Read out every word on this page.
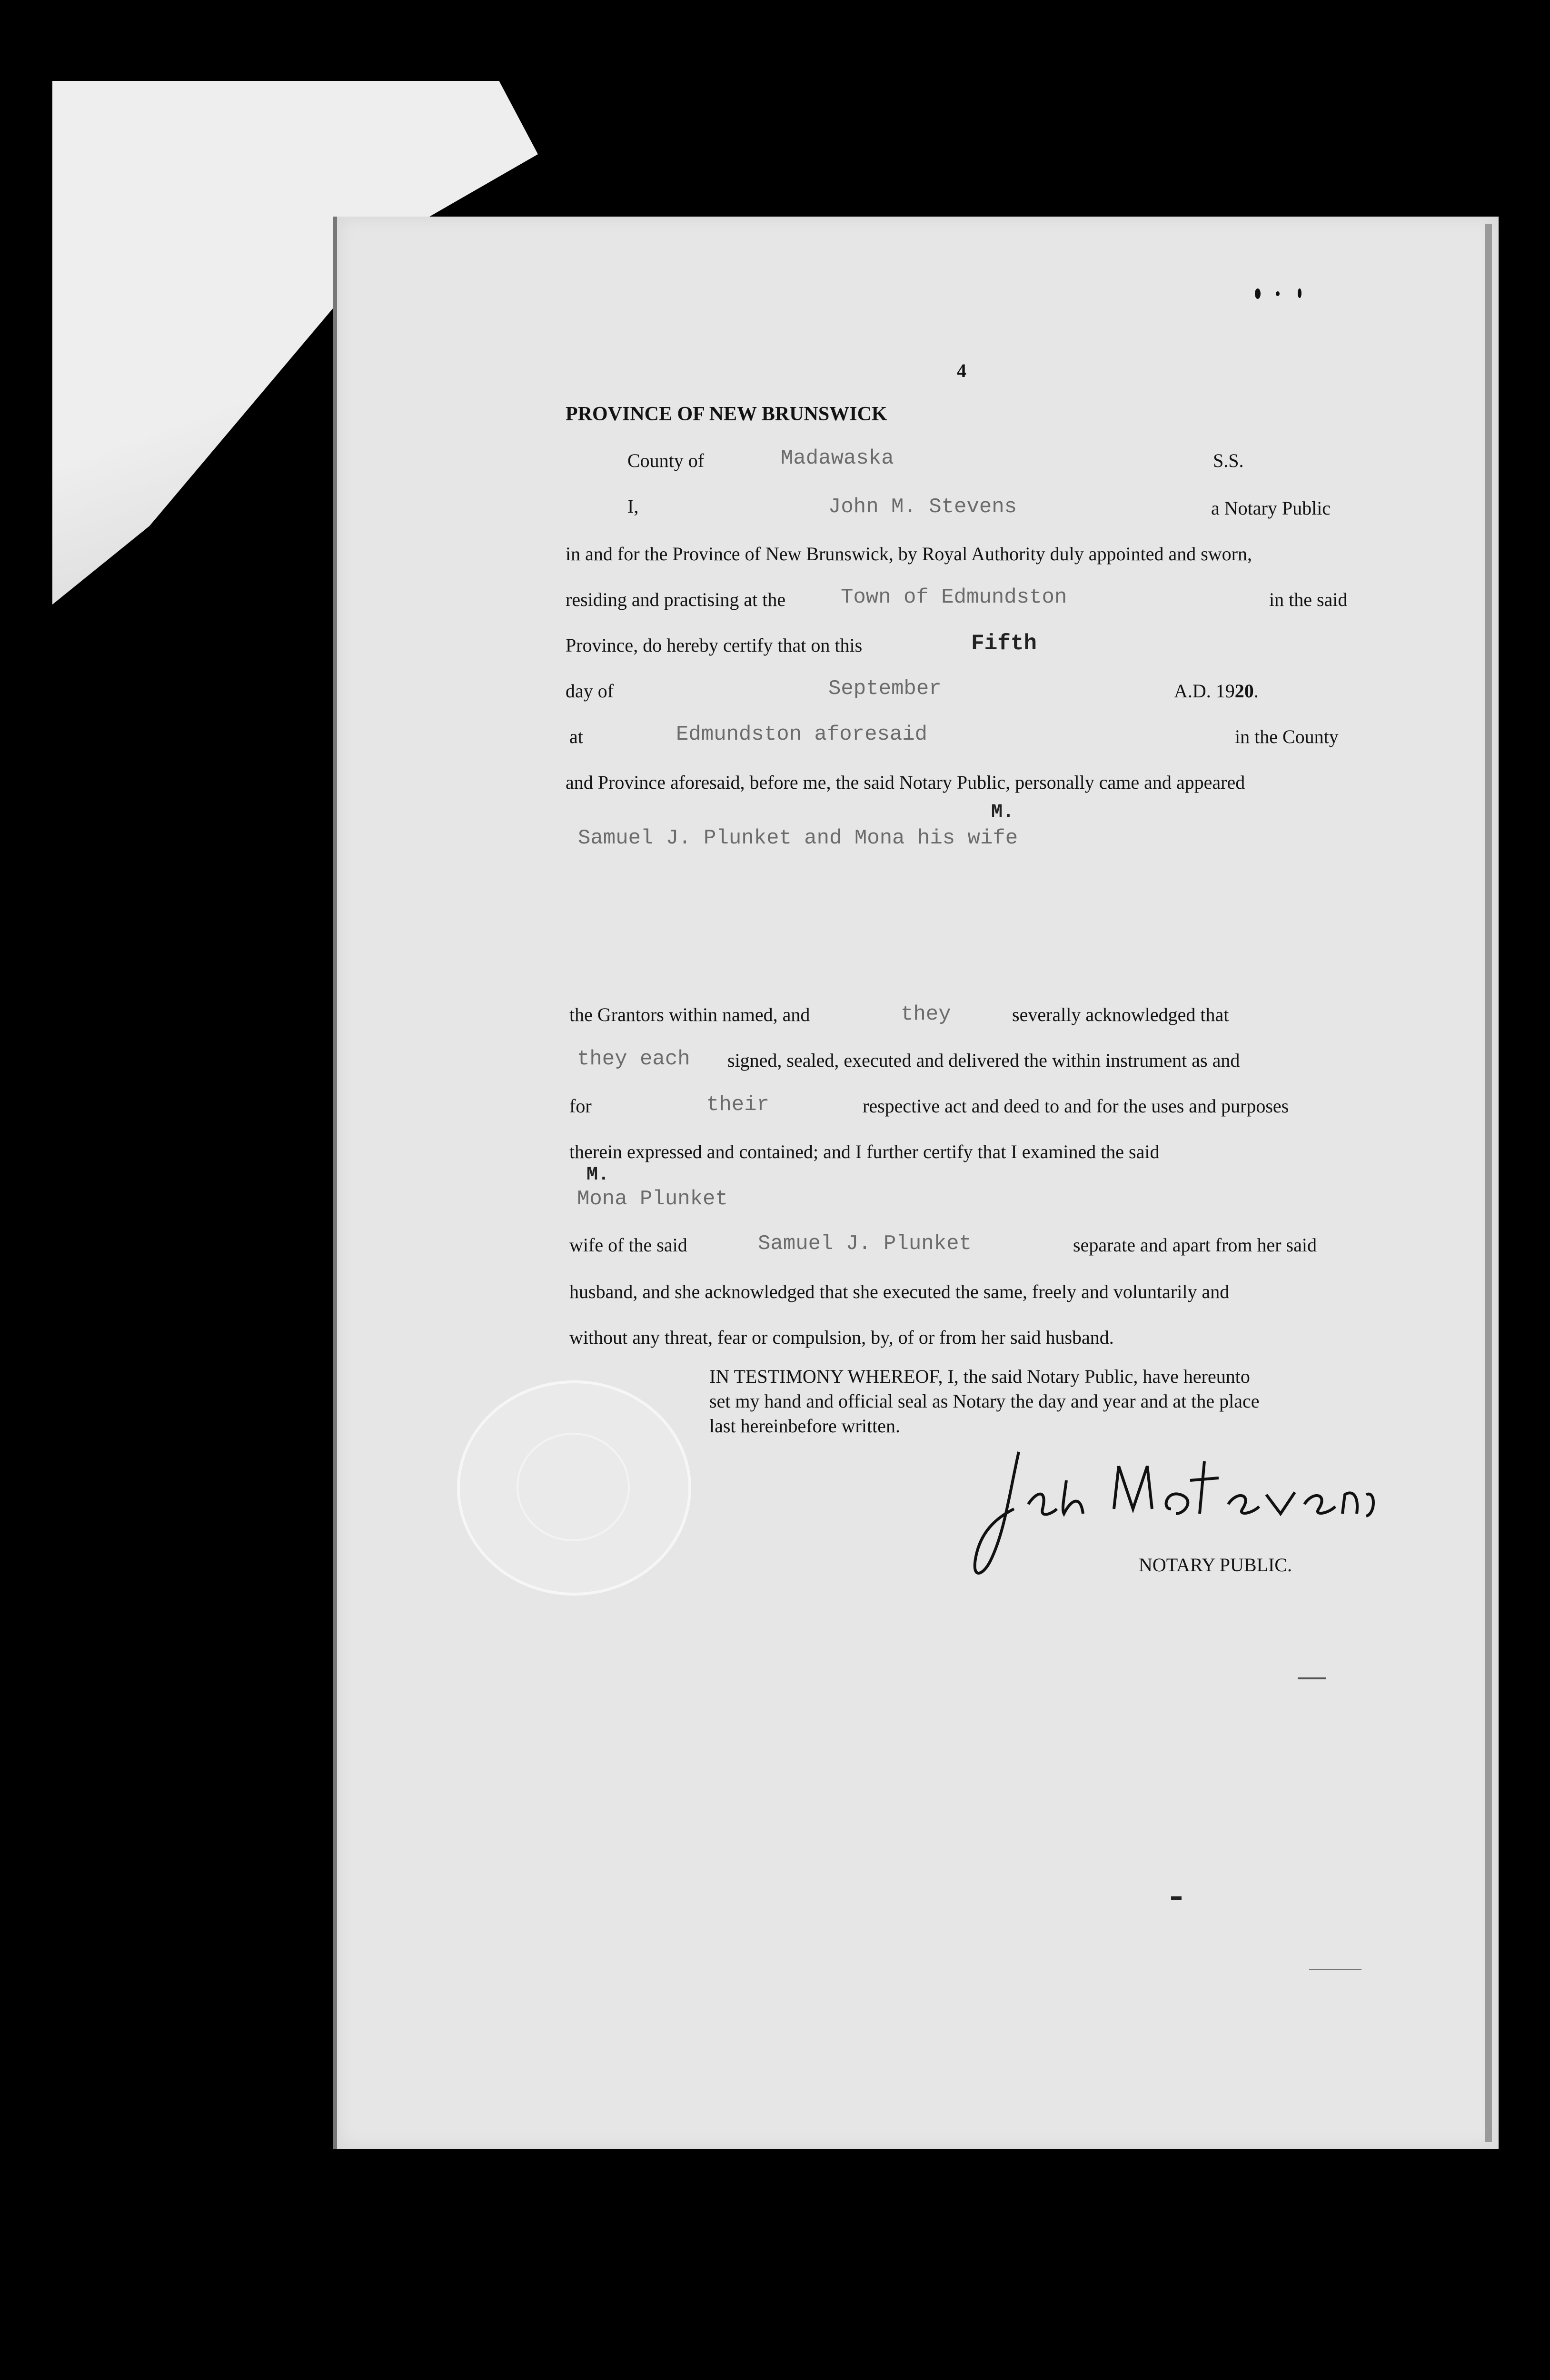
4
PROVINCE OF NEW BRUNSWICK
County of	Madawaska	S.S.
I,	John M. Stevens	a Notary Public
in and for the Province of New Brunswick, by Royal Authority duly appointed and sworn,
residing and practising at the	Town of Edmundston	in the said
Province, do hereby certify that on this	Fifth
day of	September	A.D. 1920.
at	Edmundston aforesaid	in the County
and Province aforesaid, before me, the said Notary Public, personally came and appeared
M.
Samuel J. Plunket and Mona his wife
the Grantors within named, and	they	severally acknowledged that
they each signed, sealed, executed and delivered the within instrument as and
for	their	respective act and deed to and for the uses and purposes
therein expressed and contained; and I further certify that I examined the said
M.
Mona Plunket
wife of the said	Samuel J. Plunket	separate and apart from her said
husband, and she acknowledged that she executed the same, freely and voluntarily and
without any threat, fear or compulsion, by, of or from her said husband.
IN TESTIMONY WHEREOF, I, the said Notary Public, have hereunto
set my hand and official seal as Notary the day and year and at the place
last hereinbefore written.
NOTARY PUBLIC.
